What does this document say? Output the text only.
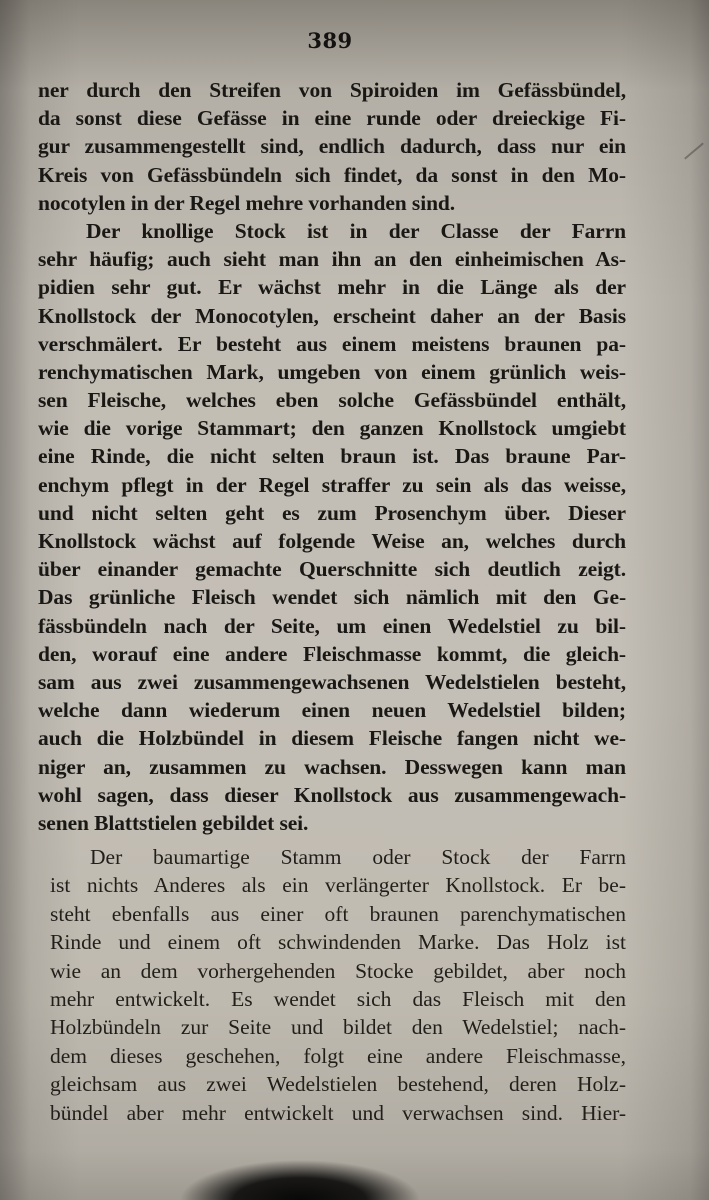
389
ner durch den Streifen von Spiroiden im Gefässbündel,
da sonst diese Gefässe in eine runde oder dreieckige Fi-
gur zusammengestellt sind, endlich dadurch, dass nur ein
Kreis von Gefässbündeln sich findet, da sonst in den Mo-
nocotylen in der Regel mehre vorhanden sind.
Der knollige Stock ist in der Classe der Farrn
sehr häufig; auch sieht man ihn an den einheimischen As-
pidien sehr gut. Er wächst mehr in die Länge als der
Knollstock der Monocotylen, erscheint daher an der Basis
verschmälert. Er besteht aus einem meistens braunen pa-
renchymatischen Mark, umgeben von einem grünlich weis-
sen Fleische, welches eben solche Gefässbündel enthält,
wie die vorige Stammart; den ganzen Knollstock umgiebt
eine Rinde, die nicht selten braun ist. Das braune Par-
enchym pflegt in der Regel straffer zu sein als das weisse,
und nicht selten geht es zum Prosenchym über. Dieser
Knollstock wächst auf folgende Weise an, welches durch
über einander gemachte Querschnitte sich deutlich zeigt.
Das grünliche Fleisch wendet sich nämlich mit den Ge-
fässbündeln nach der Seite, um einen Wedelstiel zu bil-
den, worauf eine andere Fleischmasse kommt, die gleich-
sam aus zwei zusammengewachsenen Wedelstielen besteht,
welche dann wiederum einen neuen Wedelstiel bilden;
auch die Holzbündel in diesem Fleische fangen nicht we-
niger an, zusammen zu wachsen. Desswegen kann man
wohl sagen, dass dieser Knollstock aus zusammengewach-
senen Blattstielen gebildet sei.
Der baumartige Stamm oder Stock der Farrn
ist nichts Anderes als ein verlängerter Knollstock. Er be-
steht ebenfalls aus einer oft braunen parenchymatischen
Rinde und einem oft schwindenden Marke. Das Holz ist
wie an dem vorhergehenden Stocke gebildet, aber noch
mehr entwickelt. Es wendet sich das Fleisch mit den
Holzbündeln zur Seite und bildet den Wedelstiel; nach-
dem dieses geschehen, folgt eine andere Fleischmasse,
gleichsam aus zwei Wedelstielen bestehend, deren Holz-
bündel aber mehr entwickelt und verwachsen sind. Hier-
